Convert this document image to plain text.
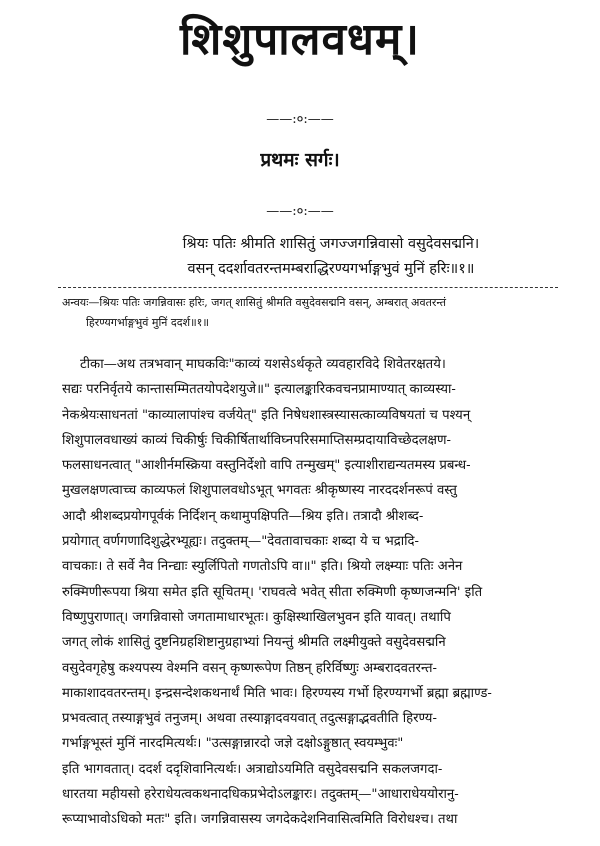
शिशुपालवधम्।
——:०:——
प्रथमः सर्गः।
——:०:——
श्रियः पतिः श्रीमति शासितुं जगज्जगन्निवासो वसुदेवसद्मनि।
वसन् ददर्शावतरन्तमम्बराद्धिरण्यगर्भाङ्गभुवं मुनिं हरिः॥१॥
अन्वयः—श्रियः पतिः जगन्निवासः हरिः, जगत् शासितुं श्रीमति वसुदेवसद्मनि वसन्, अम्बरात् अवतरन्तं
हिरण्यगर्भाङ्गभुवं मुनिं ददर्श॥१॥
टीका—अथ तत्रभवान् माघकविः"काव्यं यशसेऽर्थकृते व्यवहारविदे शिवेतरक्षतये।
सद्यः परनिर्वृतये कान्तासम्मिततयोपदेशयुजे॥" इत्यालङ्कारिकवचनप्रामाण्यात् काव्यस्या-
नेकश्रेयःसाधनतां "काव्यालापांश्च वर्जयेत्" इति निषेधशास्त्रस्यासत्काव्यविषयतां च पश्यन्
शिशुपालवधाख्यं काव्यं चिकीर्षुः चिकीर्षितार्थाविघ्नपरिसमाप्तिसम्प्रदायाविच्छेदलक्षण-
फलसाधनत्वात् "आशीर्नमस्क्रिया वस्तुनिर्देशो वापि तन्मुखम्" इत्याशीराद्यन्यतमस्य प्रबन्ध-
मुखलक्षणत्वाच्च काव्यफलं शिशुपालवधोऽभूत् भगवतः श्रीकृष्णस्य नारददर्शनरूपं वस्तु
आदौ श्रीशब्दप्रयोगपूर्वकं निर्दिशन् कथामुपक्षिपति—श्रिय इति। तत्रादौ श्रीशब्द-
प्रयोगात् वर्णगणादिशुद्धेरभ्यूह्यः। तदुक्तम्—"देवतावाचकाः शब्दा ये च भद्रादि-
वाचकाः। ते सर्वे नैव निन्द्याः स्युर्लिपितो गणतोऽपि वा॥" इति। श्रियो लक्ष्म्याः पतिः अनेन
रुक्मिणीरूपया श्रिया समेत इति सूचितम्। 'राघवत्वे भवेत् सीता रुक्मिणी कृष्णजन्मनि' इति
विष्णुपुराणात्। जगन्निवासो जगतामाधारभूतः। कुक्षिस्थाखिलभुवन इति यावत्। तथापि
जगत् लोकं शासितुं दुष्टनिग्रहशिष्टानुग्रहाभ्यां नियन्तुं श्रीमति लक्ष्मीयुक्ते वसुदेवसद्मनि
वसुदेवगृहेषु कश्यपस्य वेश्मनि वसन् कृष्णरूपेण तिष्ठन् हरिर्विष्णुः अम्बरादवतरन्त-
माकाशादवतरन्तम्। इन्द्रसन्देशकथनार्थं मिति भावः। हिरण्यस्य गर्भो हिरण्यगर्भो ब्रह्मा ब्रह्माण्ड-
प्रभवत्वात् तस्याङ्गभुवं तनुजम्। अथवा तस्याङ्गादवयवात् तदुत्सङ्गाद्भवतीति हिरण्य-
गर्भाङ्गभूस्तं मुनिं नारदमित्यर्थः। "उत्सङ्गान्नारदो जज्ञे दक्षोऽङ्गुष्ठात् स्वयम्भुवः"
इति भागवतात्। ददर्श ददृशिवानित्यर्थः। अत्राद्योऽयमिति वसुदेवसद्मनि सकलजगदा-
धारतया महीयसो हरेराधेयत्वकथनादधिकप्रभेदोऽलङ्कारः। तदुक्तम्—"आधाराधेययोरानु-
रूप्याभावोऽधिको मतः" इति। जगन्निवासस्य जगदेकदेशनिवासित्वमिति विरोधश्च। तथा
